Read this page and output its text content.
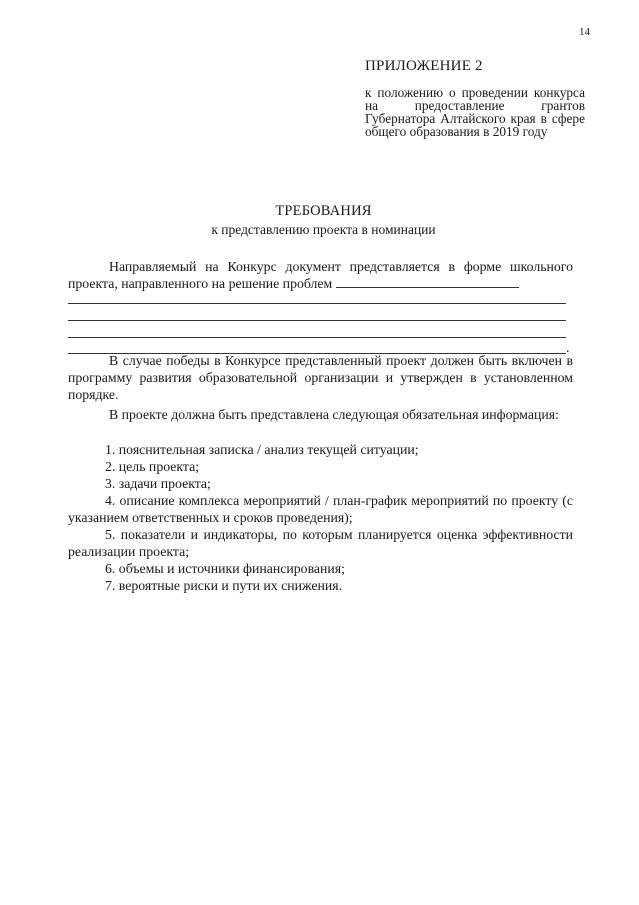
14
ПРИЛОЖЕНИЕ 2
к положению о проведении конкурса на предоставление грантов Губернатора Алтайского края в сфере общего образования в 2019 году
ТРЕБОВАНИЯ
к представлению проекта в номинации

Направляемый на Конкурс документ представляется в форме школьного проекта, направленного на решение проблем

.

В случае победы в Конкурсе представленный проект должен быть включен в программу развития образовательной организации и утвержден в установленном порядке.

В проекте должна быть представлена следующая обязательная информация:

1. пояснительная записка / анализ текущей ситуации;

2. цель проекта;

3. задачи проекта;

4. описание комплекса мероприятий / план-график мероприятий по проекту (с указанием ответственных и сроков проведения);

5. показатели и индикаторы, по которым планируется оценка эффективности реализации проекта;

6. объемы и источники финансирования;

7. вероятные риски и пути их снижения.
